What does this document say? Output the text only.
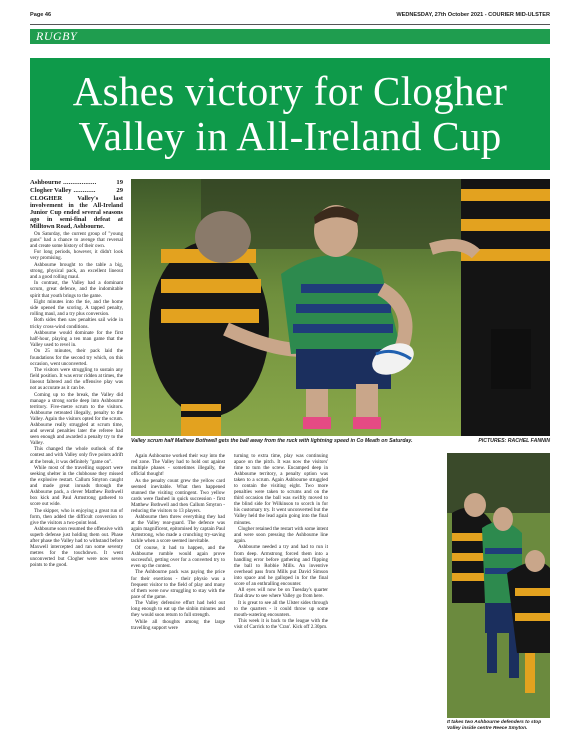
Page 46	WEDNESDAY, 27th October 2021 - COURIER MID-ULSTER
RUGBY
Ashes victory for Clogher Valley in All-Ireland Cup
Ashbourne ..................	19
Clogher Valley ............	29

CLOGHER Valley's last involvement in the All-Ireland Junior Cup ended several seasons ago in semi-final defeat at Milltown Road, Ashbourne.

On Saturday, the current group of "young guns" had a chance to avenge that reversal and create some history of their own.

For long periods, however, it didn't look very promising.

Ashbourne brought to the table a big, strong, physical pack, an excellent lineout and a good rolling maul.

In contrast, the Valley had a dominant scrum, great defence, and the indomitable spirit that youth brings to the game.

Eight minutes into the tie, and the home side opened the scoring. A tapped penalty, rolling maul, and a try plus conversion.

Both sides then saw penalties sail wide in tricky cross-wind conditions.

Ashbourne would dominate for the first half-hour, playing a ten man game that the Valley used to revel in.

On 25 minutes, their pack laid the foundations for the second try which, on this occasion, went unconverted.

The visitors were struggling to sustain any field position. It was error ridden at times, the lineout faltered and the offensive play was not as accurate as it can be.

Coming up to the break, the Valley did manage a strong sortie deep into Ashbourne territory. Five-metre scrum to the visitors. Ashbourne retreated illegally, penalty to the Valley. Again the visitors opted for the scrum. Ashbourne really struggled at scrum time, and several penalties later the referee had seen enough and awarded a penalty try to the Valley.

This changed the whole outlook of the contest and with Valley only five points adrift at the break, it was definitely "game on".

While most of the travelling support were seeking shelter in the clubhouse they missed the explosive restart. Callum Smyton caught and made great inroads through the Ashbourne pack, a clever Matthew Bothwell box kick and Paul Armstrong gathered to score out wide.

The skipper, who is enjoying a great run of form, then added the difficult conversion to give the visitors a two-point lead.

Ashbourne soon resumed the offensive with superb defense just holding them out. Phase after phase the Valley had to withstand before Maxwell intercepted and ran some seventy metres for the touchdown. It went unconverted but Clogher were now seven points to the good.

Valley scrum half Mathew Bothwell gets the ball away from the ruck with lightning speed in Co Meath on Saturday.	PICTURES: RACHEL FANNIN

Again Ashbourne worked their way into the red zone. The Valley had to hold out against multiple phases - sometimes illegally, the official thought!

As the penalty count grew the yellow card seemed inevitable. What then happened stunned the visiting contingent. Two yellow cards were flashed in quick succession - first Matthew Bothwell and then Callum Smyton - reducing the visitors to 13 players.

Ashbourne then threw everything they had at the Valley rear-guard. The defence was again magnificent, epitomised by captain Paul Armstrong, who made a crunching try-saving tackle when a score seemed inevitable.

Of course, it had to happen, and the Ashbourne rumble would again prove successful, getting over for a converted try to even up the contest.

The Ashbourne pack was paying the price for their exertions - their physio was a frequent visitor to the field of play and many of them were now struggling to stay with the pace of the game.

The Valley defensive effort had held out long enough to eat up the sinbin minutes and they would soon return to full strength.

While all thoughts among the large travelling support were

turning to extra time, play was continuing apace on the pitch. It was now the visitors' time to turn the screw. Encamped deep in Ashbourne territory, a penalty option was taken to a scrum. Again Ashbourne struggled to contain the visiting eight. Two more penalties were taken to scrums and on the third occasion the ball was swiftly moved to the blind side for Wilkinson to scorch in for his customary try. It went unconverted but the Valley held the lead again going into the final minutes.

Clogher retained the restart with some intent and were soon pressing the Ashbourne line again.

Ashbourne needed a try and had to run it from deep. Armstrong forced them into a handling error before gathering and flipping the ball to Robbie Mills. An inventive overhead pass from Mills put David Simson into space and he galloped in for the final score of an enthralling encounter.

All eyes will now be on Tuesday's quarter final draw to see where Valley go from here.

It is great to see all the Ulster sides through to the quarters - it could throw up some mouth-watering encounters.

This week it is back to the league with the visit of Carrick to the 'Cran'. Kick off 2.30pm.

It takes two Ashbourne defenders to stop Valley inside centre Reece Smyton.
